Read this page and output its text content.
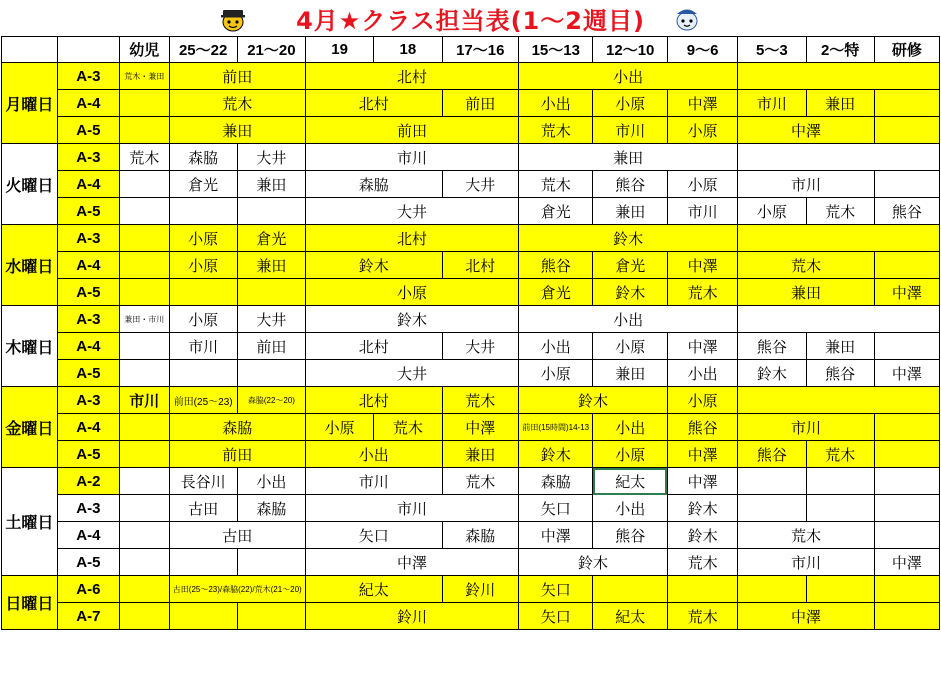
4月★クラス担当表(1～2週目)
		幼児	25～22	21～20	19	18	17～16	15～13	12～10	9～6	5～3	2～特	研修
月曜日	A-3	荒木・兼田	前田		北村			小出					
	A-4		荒木		北村		前田	小出	小原	中澤	市川	兼田	
	A-5		兼田		前田			荒木	市川	小原	中澤		
火曜日	A-3	荒木	森脇	大井	市川			兼田					
	A-4		倉光	兼田	森脇		大井	荒木	熊谷	小原	市川		
	A-5				大井			倉光	兼田	市川	小原	荒木	熊谷
水曜日	A-3		小原	倉光	北村			鈴木					
	A-4		小原	兼田	鈴木		北村	熊谷	倉光	中澤	荒木		
	A-5				小原			倉光	鈴木	荒木	兼田		中澤
木曜日	A-3	兼田・市川	小原	大井	鈴木			小出					
	A-4		市川	前田	北村		大井	小出	小原	中澤	熊谷	兼田	
	A-5				大井			小原	兼田	小出	鈴木	熊谷	中澤
金曜日	A-3	市川	前田(25～23)	森脇(22～20)	北村		荒木	鈴木		小原			
	A-4		森脇		小原	荒木	中澤	前田(15時間)14-13	小出	熊谷	市川		
	A-5		前田		小出		兼田	鈴木	小原	中澤	熊谷	荒木	
土曜日	A-2		長谷川	小出	市川		荒木	森脇	紀太	中澤			
	A-3		古田	森脇	市川			矢口	小出	鈴木			
	A-4		古田		矢口		森脇	中澤	熊谷	鈴木	荒木		
	A-5				中澤			鈴木		荒木	市川		中澤
日曜日	A-6		古田(25～23)/森脇(22)/荒木(21～20)		紀太		鈴川	矢口					
	A-7				鈴川			矢口	紀太	荒木	中澤		
